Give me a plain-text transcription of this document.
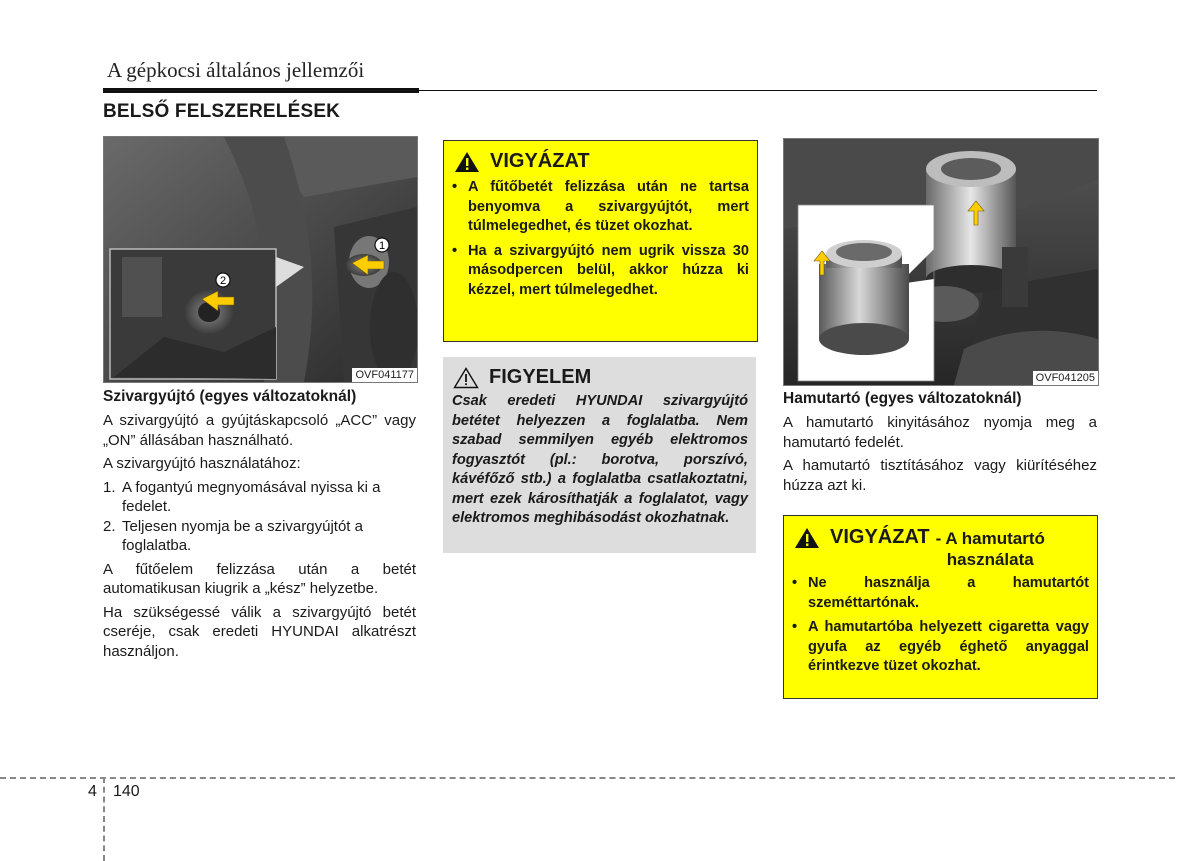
A gépkocsi általános jellemzői
BELSŐ FELSZERELÉSEK
1
2
OVF041177
Szivargyújtó (egyes változatoknál)

A szivargyújtó a gyújtáskapcsoló „ACC” vagy „ON” állásában használható.

A szivargyújtó használatához:

1. A fogantyú megnyomásával nyissa ki a fedelet.
2. Teljesen nyomja be a szivargyújtót a foglalatba.

A fűtőelem felizzása után a betét automatikusan kiugrik a „kész” helyzetbe.

Ha szükségessé válik a szivargyújtó betét cseréje, csak eredeti HYUNDAI alkatrészt használjon.

VIGYÁZAT
• A fűtőbetét felizzása után ne tartsa benyomva a szivargyújtót, mert túlmelegedhet, és tüzet okozhat.
• Ha a szivargyújtó nem ugrik vissza 30 másodpercen belül, akkor húzza ki kézzel, mert túlmelegedhet.
FIGYELEM
Csak eredeti HYUNDAI szivargyújtó betétet helyezzen a foglalatba. Nem szabad semmilyen egyéb elektromos fogyasztót (pl.: borotva, porszívó, kávéfőző stb.) a foglalatba csatlakoztatni, mert ezek károsíthatják a foglalatot, vagy elektromos meghibásodást okozhatnak.
OVF041205
Hamutartó (egyes változatoknál)

A hamutartó kinyitásához nyomja meg a hamutartó fedelét.

A hamutartó tisztításához vagy kiürítéséhez húzza azt ki.

VIGYÁZAT - A hamutartó
használata
• Ne használja a hamutartót szeméttartónak.
• A hamutartóba helyezett cigaretta vagy gyufa az egyéb éghető anyaggal érintkezve tüzet okozhat.
4 140
